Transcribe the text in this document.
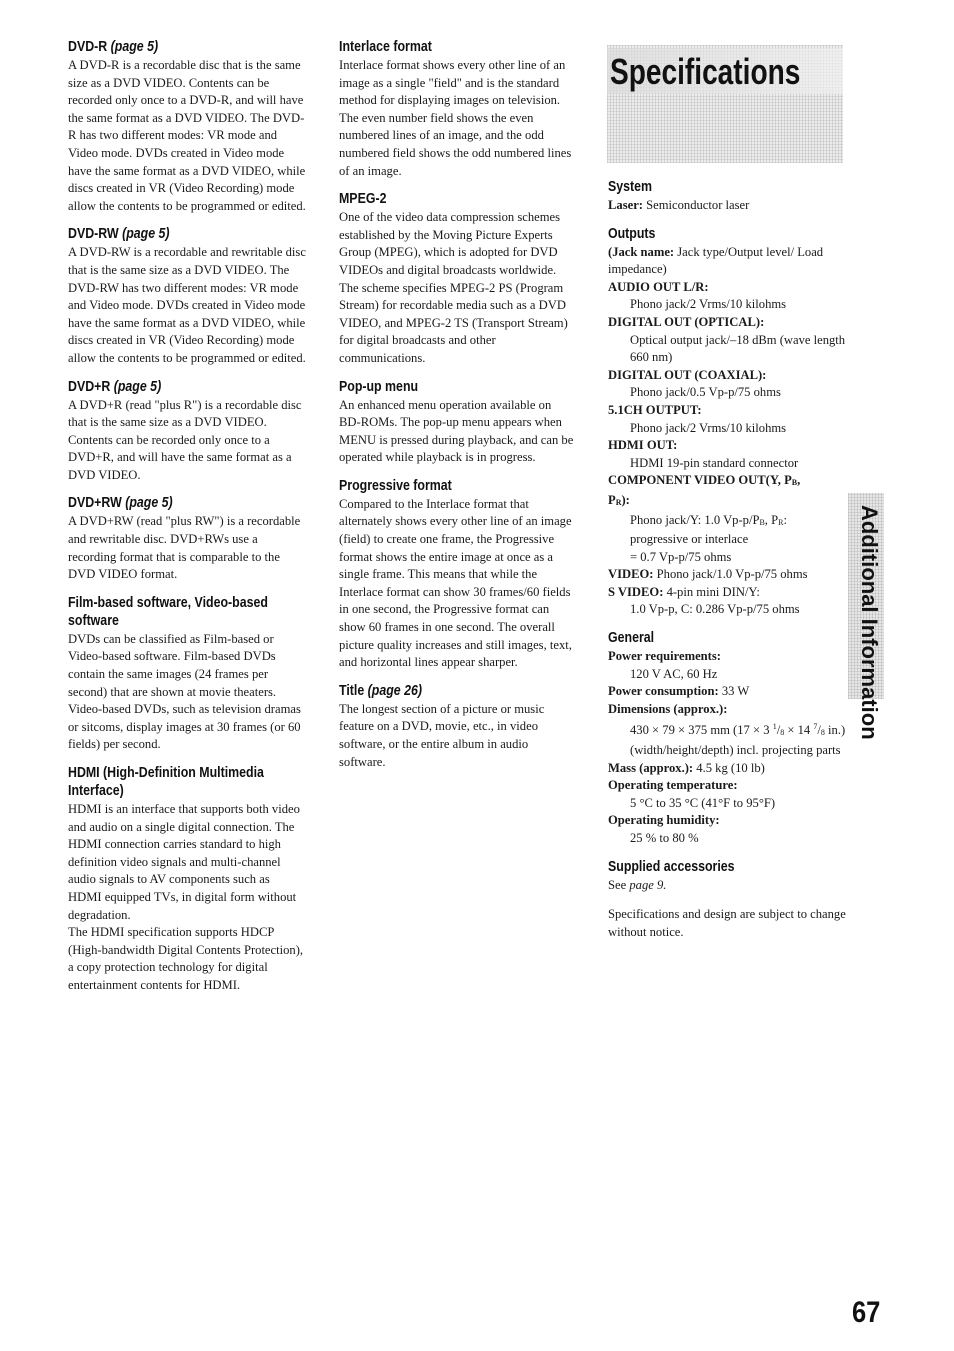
DVD-R (page 5)

A DVD-R is a recordable disc that is the same size as a DVD VIDEO. Contents can be recorded only once to a DVD-R, and will have the same format as a DVD VIDEO. The DVD-R has two different modes: VR mode and Video mode. DVDs created in Video mode have the same format as a DVD VIDEO, while discs created in VR (Video Recording) mode allow the contents to be programmed or edited.

DVD-RW (page 5)

A DVD-RW is a recordable and rewritable disc that is the same size as a DVD VIDEO. The DVD-RW has two different modes: VR mode and Video mode. DVDs created in Video mode have the same format as a DVD VIDEO, while discs created in VR (Video Recording) mode allow the contents to be programmed or edited.

DVD+R (page 5)

A DVD+R (read "plus R") is a recordable disc that is the same size as a DVD VIDEO. Contents can be recorded only once to a DVD+R, and will have the same format as a DVD VIDEO.

DVD+RW (page 5)

A DVD+RW (read "plus RW") is a recordable and rewritable disc. DVD+RWs use a recording format that is comparable to the DVD VIDEO format.

Film-based software, Video-based software

DVDs can be classified as Film-based or Video-based software. Film-based DVDs contain the same images (24 frames per second) that are shown at movie theaters. Video-based DVDs, such as television dramas or sitcoms, display images at 30 frames (or 60 fields) per second.

HDMI (High-Definition Multimedia Interface)

HDMI is an interface that supports both video and audio on a single digital connection. The HDMI connection carries standard to high definition video signals and multi-channel audio signals to AV components such as HDMI equipped TVs, in digital form without degradation.

The HDMI specification supports HDCP (High-bandwidth Digital Contents Protection), a copy protection technology for digital entertainment contents for HDMI.

Interlace format

Interlace format shows every other line of an image as a single "field" and is the standard method for displaying images on television. The even number field shows the even numbered lines of an image, and the odd numbered field shows the odd numbered lines of an image.

MPEG-2

One of the video data compression schemes established by the Moving Picture Experts Group (MPEG), which is adopted for DVD VIDEOs and digital broadcasts worldwide. The scheme specifies MPEG-2 PS (Program Stream) for recordable media such as a DVD VIDEO, and MPEG-2 TS (Transport Stream) for digital broadcasts and other communications.

Pop-up menu

An enhanced menu operation available on BD-ROMs. The pop-up menu appears when MENU is pressed during playback, and can be operated while playback is in progress.

Progressive format

Compared to the Interlace format that alternately shows every other line of an image (field) to create one frame, the Progressive format shows the entire image at once as a single frame. This means that while the Interlace format can show 30 frames/60 fields in one second, the Progressive format can show 60 frames in one second. The overall picture quality increases and still images, text, and horizontal lines appear sharper.

Title (page 26)

The longest section of a picture or music feature on a DVD, movie, etc., in video software, or the entire album in audio software.

Specifications
System

Laser: Semiconductor laser

Outputs

(Jack name: Jack type/Output level/ Load impedance)

AUDIO OUT L/R:

Phono jack/2 Vrms/10 kilohms

DIGITAL OUT (OPTICAL):

Optical output jack/–18 dBm (wave length 660 nm)

DIGITAL OUT (COAXIAL):

Phono jack/0.5 Vp-p/75 ohms

5.1CH OUTPUT:

Phono jack/2 Vrms/10 kilohms

HDMI OUT:

HDMI 19-pin standard connector

COMPONENT VIDEO OUT(Y, PB,
PR):

Phono jack/Y: 1.0 Vp-p/PB, PR:

progressive or interlace

= 0.7 Vp-p/75 ohms

VIDEO: Phono jack/1.0 Vp-p/75 ohms

S VIDEO: 4-pin mini DIN/Y:

1.0 Vp-p, C: 0.286 Vp-p/75 ohms

General

Power requirements:

120 V AC, 60 Hz

Power consumption: 33 W

Dimensions (approx.):

430 × 79 × 375 mm (17 × 3 $^1$/8 × 14 $^7$/8 in.) (width/height/depth) incl. projecting parts

Mass (approx.): 4.5 kg (10 lb)

Operating temperature:

5 °C to 35 °C (41°F to 95°F)

Operating humidity:

25 % to 80 %

Supplied accessories

See page 9.

Specifications and design are subject to change without notice.

Additional Information
67
